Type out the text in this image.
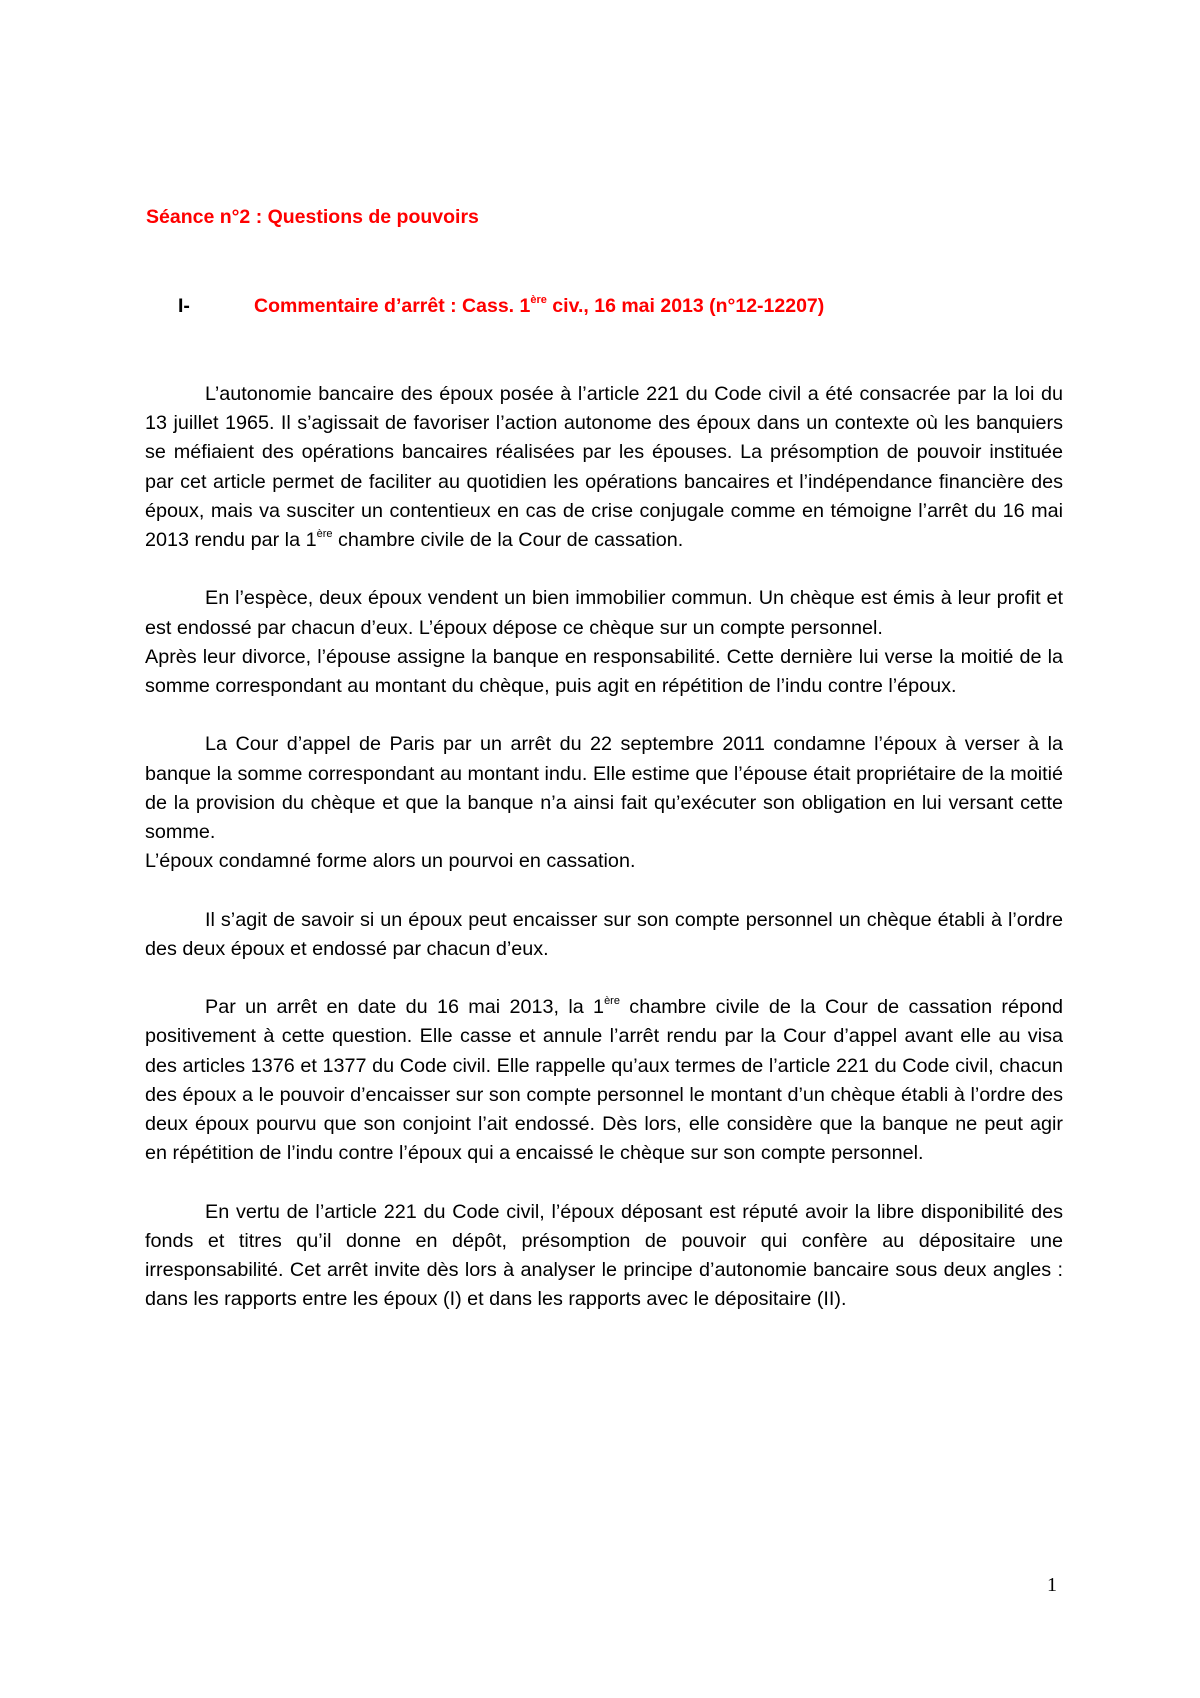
Séance n°2 : Questions de pouvoirs
I-	Commentaire d’arrêt : Cass. 1ère civ., 16 mai 2013 (n°12-12207)

L’autonomie bancaire des époux posée à l’article 221 du Code civil a été consacrée par la loi du 13 juillet 1965. Il s’agissait de favoriser l’action autonome des époux dans un contexte où les banquiers se méfiaient des opérations bancaires réalisées par les épouses. La présomption de pouvoir instituée par cet article permet de faciliter au quotidien les opérations bancaires et l’indépendance financière des époux, mais va susciter un contentieux en cas de crise conjugale comme en témoigne l’arrêt du 16 mai 2013 rendu par la 1ère chambre civile de la Cour de cassation.

En l’espèce, deux époux vendent un bien immobilier commun. Un chèque est émis à leur profit et est endossé par chacun d’eux. L’époux dépose ce chèque sur un compte personnel.

Après leur divorce, l’épouse assigne la banque en responsabilité. Cette dernière lui verse la moitié de la somme correspondant au montant du chèque, puis agit en répétition de l’indu contre l’époux.

La Cour d’appel de Paris par un arrêt du 22 septembre 2011 condamne l’époux à verser à la banque la somme correspondant au montant indu. Elle estime que l’épouse était propriétaire de la moitié de la provision du chèque et que la banque n’a ainsi fait qu’exécuter son obligation en lui versant cette somme.

L’époux condamné forme alors un pourvoi en cassation.

Il s’agit de savoir si un époux peut encaisser sur son compte personnel un chèque établi à l’ordre des deux époux et endossé par chacun d’eux.

Par un arrêt en date du 16 mai 2013, la 1ère chambre civile de la Cour de cassation répond positivement à cette question. Elle casse et annule l’arrêt rendu par la Cour d’appel avant elle au visa des articles 1376 et 1377 du Code civil. Elle rappelle qu’aux termes de l’article 221 du Code civil, chacun des époux a le pouvoir d’encaisser sur son compte personnel le montant d’un chèque établi à l’ordre des deux époux pourvu que son conjoint l’ait endossé. Dès lors, elle considère que la banque ne peut agir en répétition de l’indu contre l’époux qui a encaissé le chèque sur son compte personnel.

En vertu de l’article 221 du Code civil, l’époux déposant est réputé avoir la libre disponibilité des fonds et titres qu’il donne en dépôt, présomption de pouvoir qui confère au dépositaire une irresponsabilité. Cet arrêt invite dès lors à analyser le principe d’autonomie bancaire sous deux angles : dans les rapports entre les époux (I) et dans les rapports avec le dépositaire (II).

1
